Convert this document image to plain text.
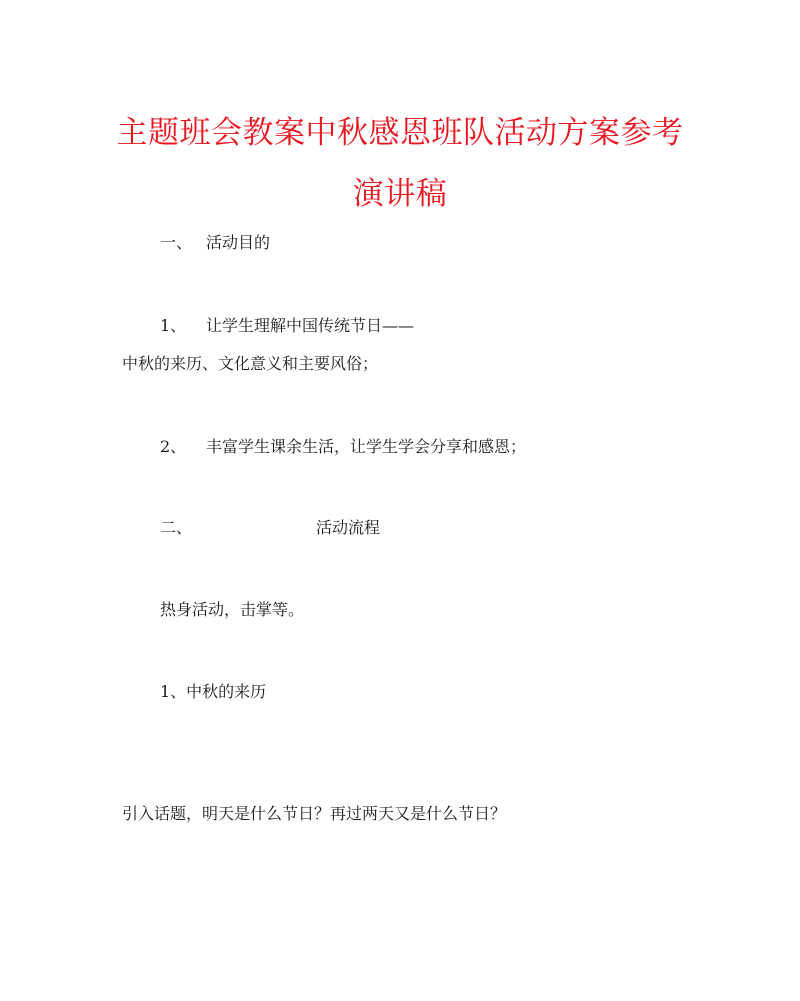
主题班会教案中秋感恩班队活动方案参考
演讲稿

一、 活动目的

1、 让学生理解中国传统节日——

中秋的来历、文化意义和主要风俗；

2、 丰富学生课余生活，让学生学会分享和感恩；

二、	活动流程

热身活动，击掌等。

1、中秋的来历

引入话题，明天是什么节日？再过两天又是什么节日？
